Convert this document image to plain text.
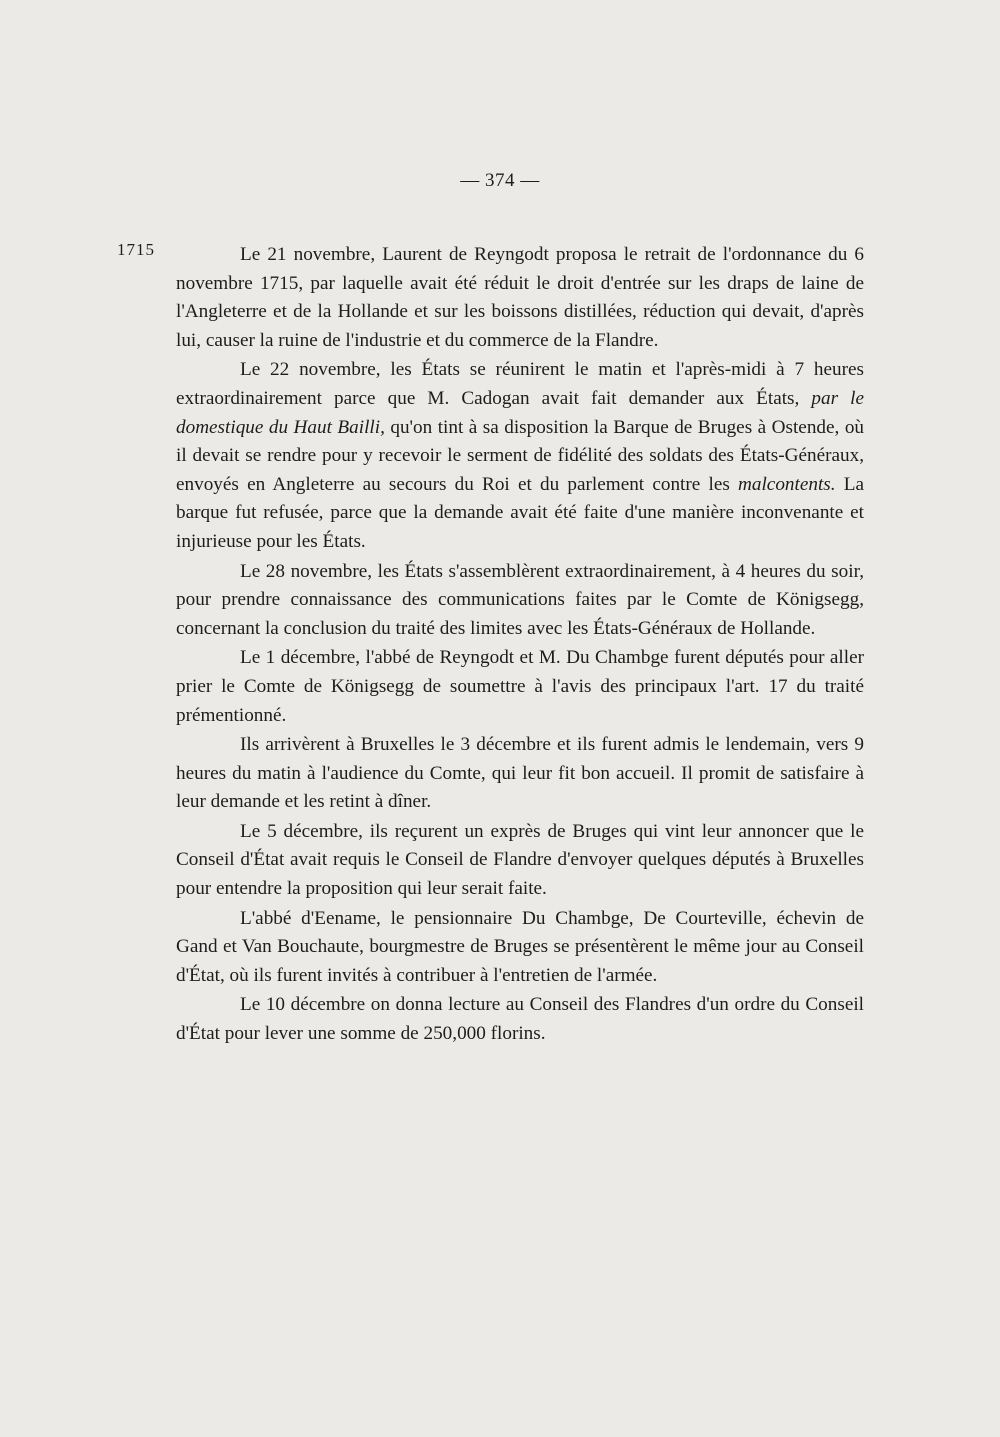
— 374 —
1715	Le 21 novembre, Laurent de Reyngodt proposa le retrait de l'ordonnance du 6 novembre 1715, par laquelle avait été réduit le droit d'entrée sur les draps de laine de l'Angleterre et de la Hollande et sur les boissons distillées, réduction qui devait, d'après lui, causer la ruine de l'industrie et du commerce de la Flandre.

Le 22 novembre, les États se réunirent le matin et l'après-midi à 7 heures extraordinairement parce que M. Cadogan avait fait demander aux États, par le domestique du Haut Bailli, qu'on tint à sa disposition la Barque de Bruges à Ostende, où il devait se rendre pour y recevoir le serment de fidélité des soldats des États-Généraux, envoyés en Angleterre au secours du Roi et du parlement contre les malcontents. La barque fut refusée, parce que la demande avait été faite d'une manière inconvenante et injurieuse pour les États.

Le 28 novembre, les États s'assemblèrent extraordinairement, à 4 heures du soir, pour prendre connaissance des communications faites par le Comte de Königsegg, concernant la conclusion du traité des limites avec les États-Généraux de Hollande.

Le 1 décembre, l'abbé de Reyngodt et M. Du Chambge furent députés pour aller prier le Comte de Königsegg de soumettre à l'avis des principaux l'art. 17 du traité prémentionné.

Ils arrivèrent à Bruxelles le 3 décembre et ils furent admis le lendemain, vers 9 heures du matin à l'audience du Comte, qui leur fit bon accueil. Il promit de satisfaire à leur demande et les retint à dîner.

Le 5 décembre, ils reçurent un exprès de Bruges qui vint leur annoncer que le Conseil d'État avait requis le Conseil de Flandre d'envoyer quelques députés à Bruxelles pour entendre la proposition qui leur serait faite.

L'abbé d'Eename, le pensionnaire Du Chambge, De Courteville, échevin de Gand et Van Bouchaute, bourgmestre de Bruges se présentèrent le même jour au Conseil d'État, où ils furent invités à contribuer à l'entretien de l'armée.

Le 10 décembre on donna lecture au Conseil des Flandres d'un ordre du Conseil d'État pour lever une somme de 250,000 florins.
